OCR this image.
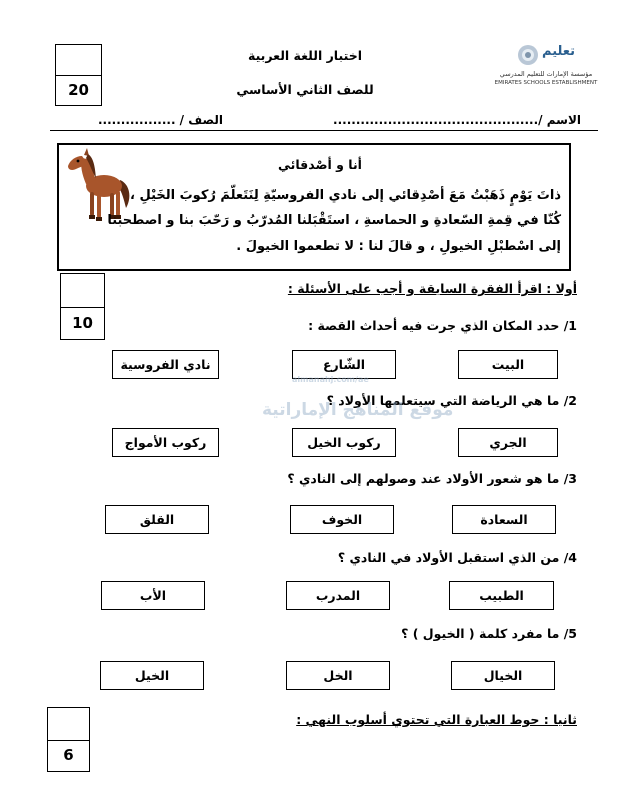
20
اختبار اللغة العربية
للصف الثاني الأساسي
تعليم
مؤسسة الإمارات للتعليم المدرسي
EMIRATES SCHOOLS ESTABLISHMENT
الاسم /.............................................
الصف / .................
أنا و أصْدقائي
ذاتَ يَوْمٍ ذَهَبْتُ مَعَ أصْدِقائي إلى نادي الفروسيّةِ لِنَتَعلّمَ رُكوبَ الخَيْلِ ،
كُنّا في قِمةِ السّعادةِ و الحماسةِ ، استَقْبَلنا المُدرّبُ و رَحّبَ بنا و اصطحبنا
إلى اسْطبْلِ الخيولِ ، و قالَ لنا : لا تطعموا الخيولَ .
10
أولا : اقرأ الفقرة السابقة و أجب على الأسئلة :
1/ حدد المكان الذي جرت فيه أحداث القصة :
البيت
الشّارع
نادي الفروسية
2/ ما هي الرياضة التي سيتعلمها الأولاد ؟
الجري
ركوب الخيل
ركوب الأمواج
3/ ما هو شعور الأولاد عند وصولهم إلى النادي ؟
السعادة
الخوف
القلق
4/ من الذي استقبل الأولاد في النادي ؟
الطبيب
المدرب
الأب
5/ ما مفرد كلمة ( الخيول ) ؟
الخيال
الخل
الخيل
6
ثانيا : حوط العبارة التي تحتوي أسلوب النهي :
almanahj.com/ae
موقع المناهج الإماراتية
